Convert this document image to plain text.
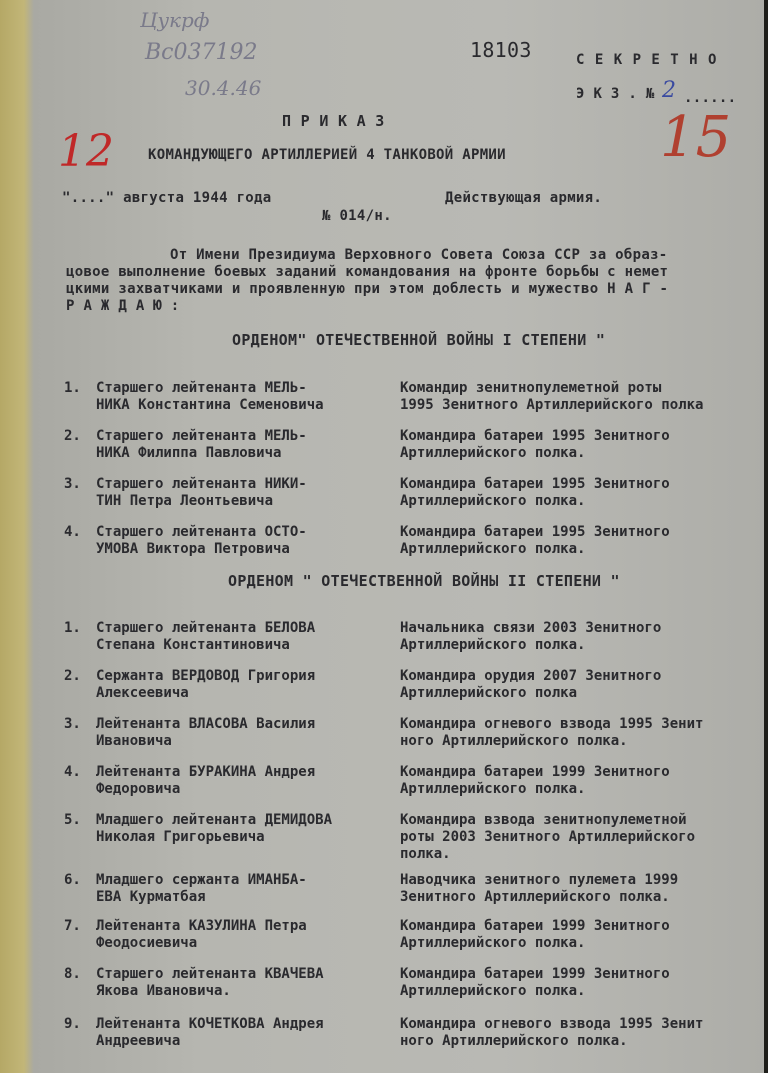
Цукрф
Вс037192
30.4.46
18103	С Е К Р Е Т Н О
Э К З . № 2 ......
15
12
П Р И К А З
КОМАНДУЮЩЕГО АРТИЛЛЕРИЕЙ 4 ТАНКОВОЙ АРМИИ
"...." августа 1944 года	Действующая армия.
№ 014/н.
От Имени Президиума Верховного Совета Союза ССР за образ-
цовое выполнение боевых заданий командования на фронте борьбы с немет
цкими захватчиками и проявленную при этом доблесть и мужество Н А Г -
Р А Ж Д А Ю :
ОРДЕНОМ" ОТЕЧЕСТВЕННОЙ ВОЙНЫ I СТЕПЕНИ "
1. Старшего лейтенанта МЕЛЬ-
НИКА Константина Семеновича
Командир зенитнопулеметной роты
1995 Зенитного Артиллерийского полка
2. Старшего лейтенанта МЕЛЬ-
НИКА Филиппа Павловича
Командира батареи 1995 Зенитного
Артиллерийского полка.
3. Старшего лейтенанта НИКИ-
ТИН Петра Леонтьевича
Командира батареи 1995 Зенитного
Артиллерийского полка.
4. Старшего лейтенанта ОСТО-
УМОВА Виктора Петровича
Командира батареи 1995 Зенитного
Артиллерийского полка.
ОРДЕНОМ " ОТЕЧЕСТВЕННОЙ ВОЙНЫ II СТЕПЕНИ "
1. Старшего лейтенанта БЕЛОВА
Степана Константиновича
Начальника связи 2003 Зенитного
Артиллерийского полка.
2. Сержанта ВЕРДОВОД Григория
Алексеевича
Командира орудия 2007 Зенитного
Артиллерийского полка
3. Лейтенанта ВЛАСОВА Василия
Ивановича
Командира огневого взвода 1995 Зенит
ного Артиллерийского полка.
4. Лейтенанта БУРАКИНА Андрея
Федоровича
Командира батареи 1999 Зенитного
Артиллерийского полка.
5. Младшего лейтенанта ДЕМИДОВА
Николая Григорьевича
Командира взвода зенитнопулеметной
роты 2003 Зенитного Артиллерийского
полка.
6. Младшего сержанта ИМАНБА-
ЕВА Курматбая
Наводчика зенитного пулемета 1999
Зенитного Артиллерийского полка.
7. Лейтенанта КАЗУЛИНА Петра
Феодосиевича
Командира батареи 1999 Зенитного
Артиллерийского полка.
8. Старшего лейтенанта КВАЧЕВА
Якова Ивановича.
Командира батареи 1999 Зенитного
Артиллерийского полка.
9. Лейтенанта КОЧЕТКОВА Андрея
Андреевича
Командира огневого взвода 1995 Зенит
ного Артиллерийского полка.
